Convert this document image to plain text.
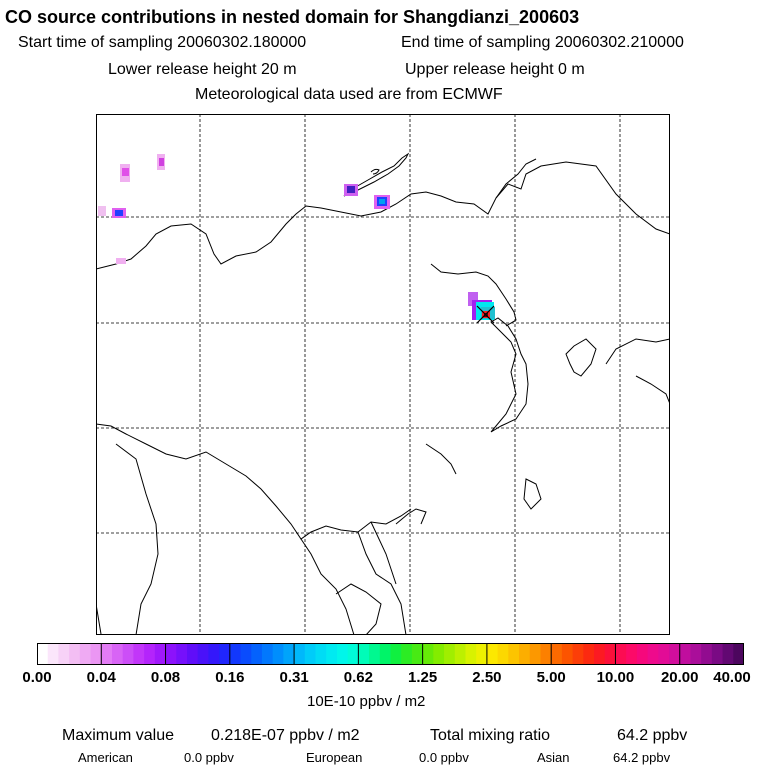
CO source contributions in nested domain for Shangdianzi_200603
Start time of sampling 20060302.180000	End time of sampling 20060302.210000
Lower release height 20 m	Upper release height 0 m
Meteorological data used are from ECMWF
0.00 0.04 0.08 0.16 0.31 0.62 1.25 2.50 5.00 10.00 20.00 40.00
10E-10 ppbv / m2
Maximum value 0.218E-07 ppbv / m2	Total mixing ratio	64.2 ppbv
American	0.0 ppbv	European	0.0 ppbv	Asian	64.2 ppbv
